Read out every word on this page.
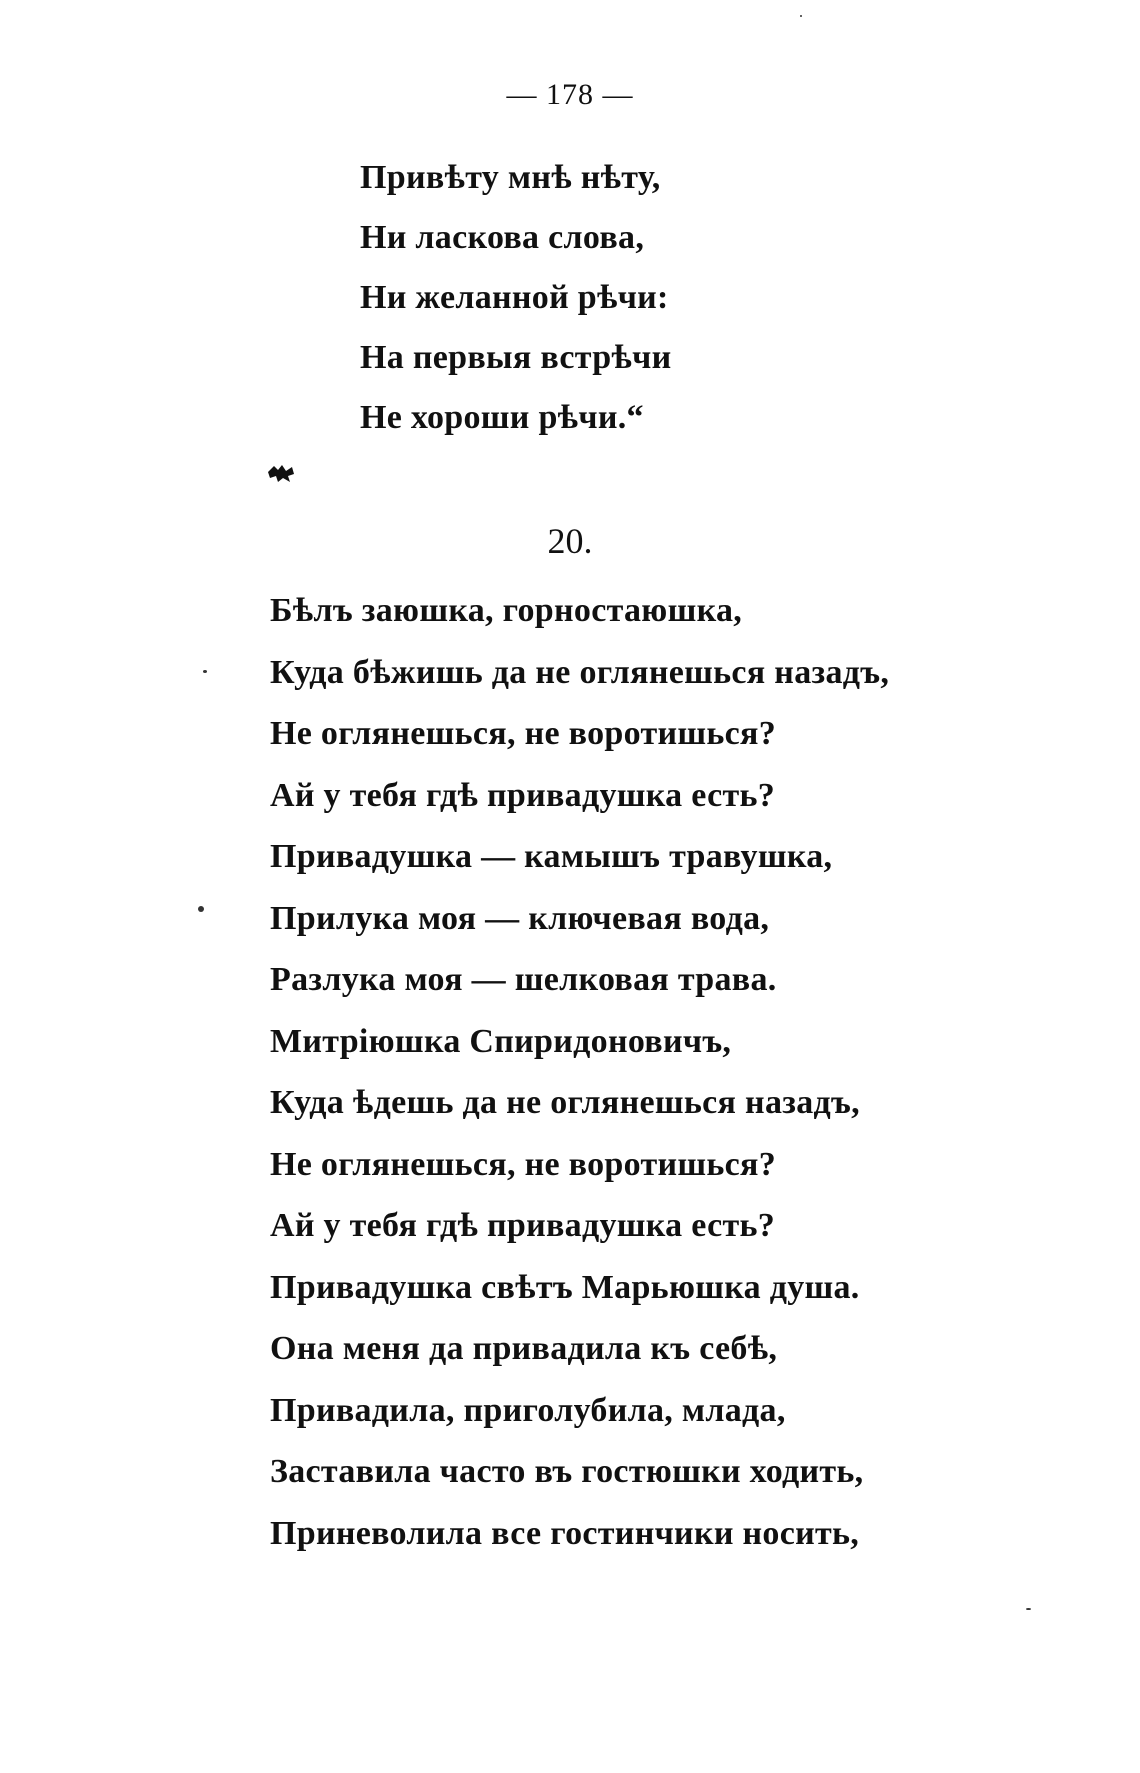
— 178 —
Привѣту мнѣ нѣту,
Ни ласкова слова,
Ни желанной рѣчи:
На первыя встрѣчи
Не хороши рѣчи.“
20.
Бѣлъ заюшка, горностаюшка,
Куда бѣжишь да не оглянешься назадъ,
Не оглянешься, не воротишься?
Ай у тебя гдѣ привадушка есть?
Привадушка — камышъ травушка,
Прилука моя — ключевая вода,
Разлука моя — шелковая трава.
Митріюшка Спиридоновичъ,
Куда ѣдешь да не оглянешься назадъ,
Не оглянешься, не воротишься?
Ай у тебя гдѣ привадушка есть?
Привадушка свѣтъ Марьюшка душа.
Она меня да привадила къ себѣ,
Привадила, приголубила, млада,
Заставила часто въ гостюшки ходить,
Приневолила все гостинчики носить,
